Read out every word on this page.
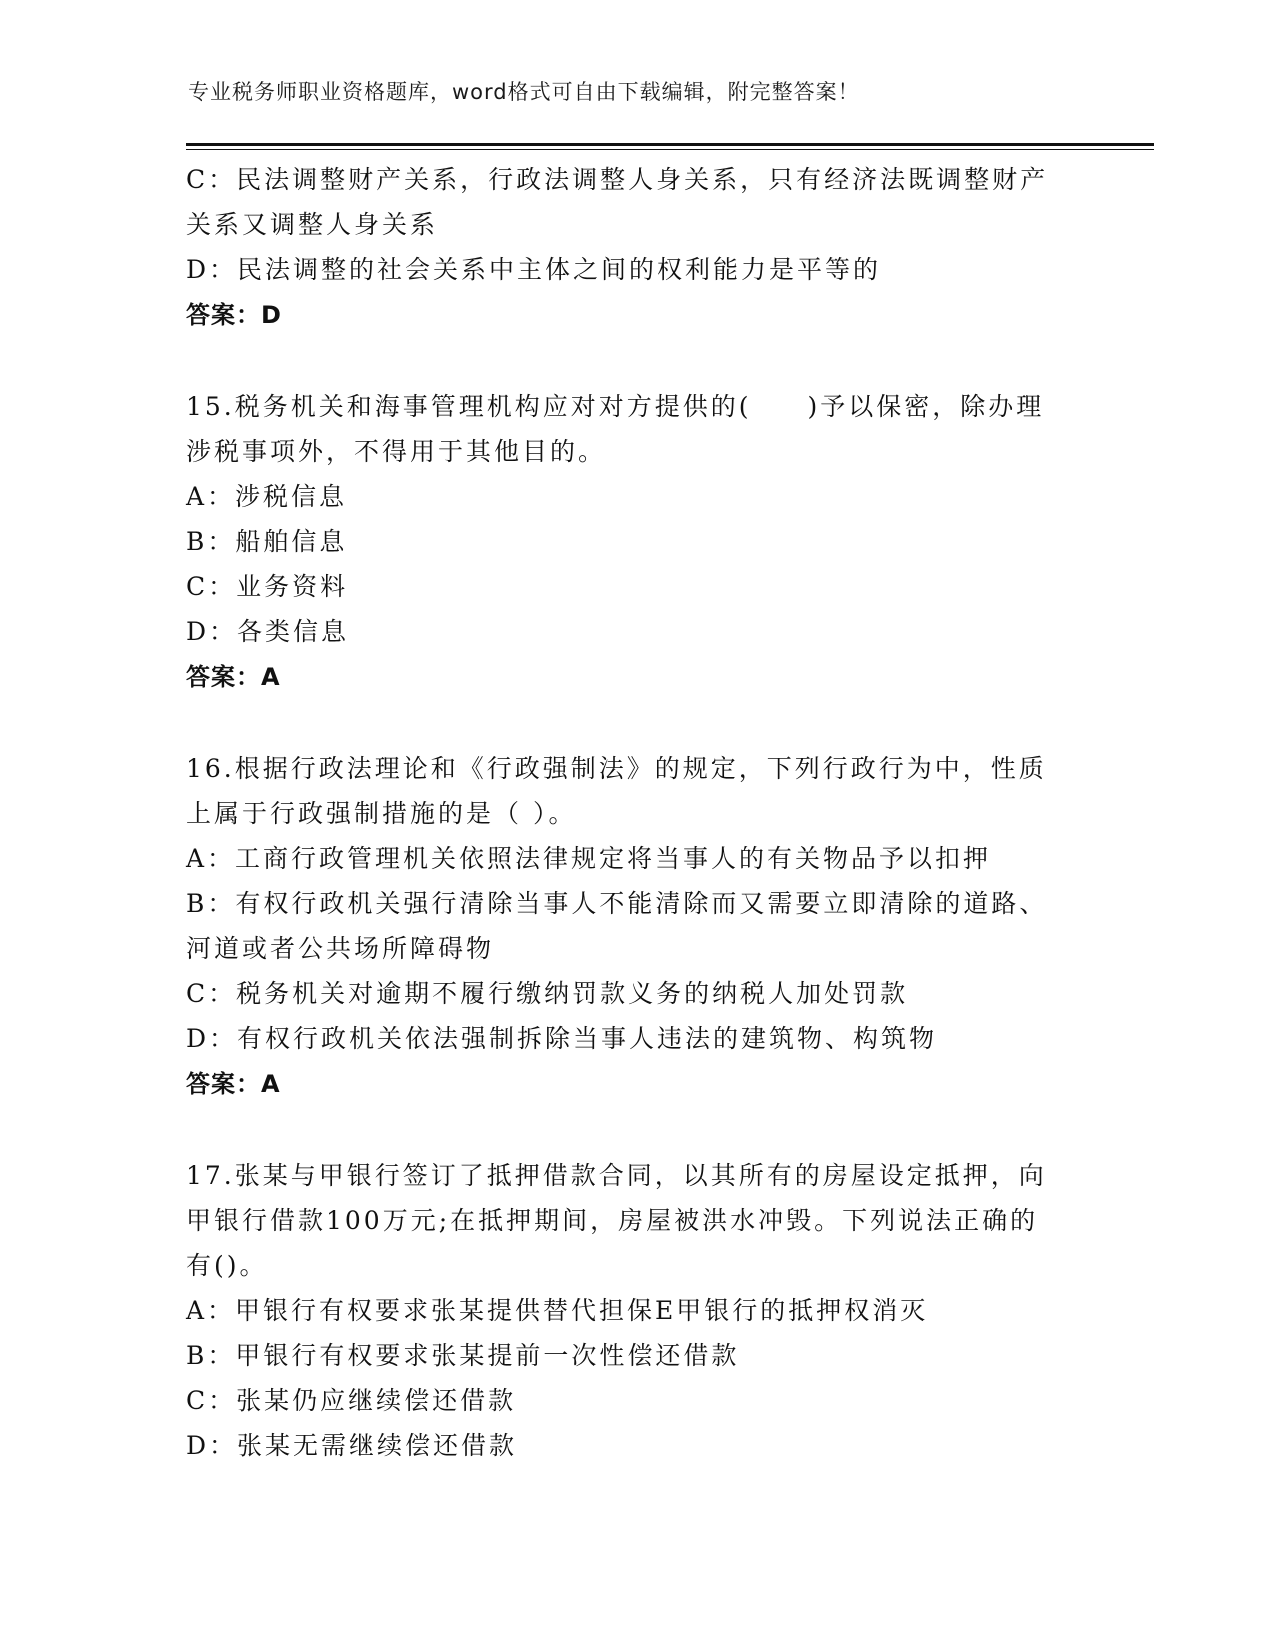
专业税务师职业资格题库，word格式可自由下载编辑，附完整答案！
C：民法调整财产关系，行政法调整人身关系，只有经济法既调整财产
关系又调整人身关系
D：民法调整的社会关系中主体之间的权利能力是平等的
答案：D
15.税务机关和海事管理机构应对对方提供的(　　)予以保密，除办理
涉税事项外，不得用于其他目的。
A：涉税信息
B：船舶信息
C：业务资料
D：各类信息
答案：A
16.根据行政法理论和《行政强制法》的规定，下列行政行为中，性质
上属于行政强制措施的是（ ）。
A：工商行政管理机关依照法律规定将当事人的有关物品予以扣押
B：有权行政机关强行清除当事人不能清除而又需要立即清除的道路、
河道或者公共场所障碍物
C：税务机关对逾期不履行缴纳罚款义务的纳税人加处罚款
D：有权行政机关依法强制拆除当事人违法的建筑物、构筑物
答案：A
17.张某与甲银行签订了抵押借款合同，以其所有的房屋设定抵押，向
甲银行借款100万元;在抵押期间，房屋被洪水冲毁。下列说法正确的
有()。
A：甲银行有权要求张某提供替代担保E甲银行的抵押权消灭
B：甲银行有权要求张某提前一次性偿还借款
C：张某仍应继续偿还借款
D：张某无需继续偿还借款
